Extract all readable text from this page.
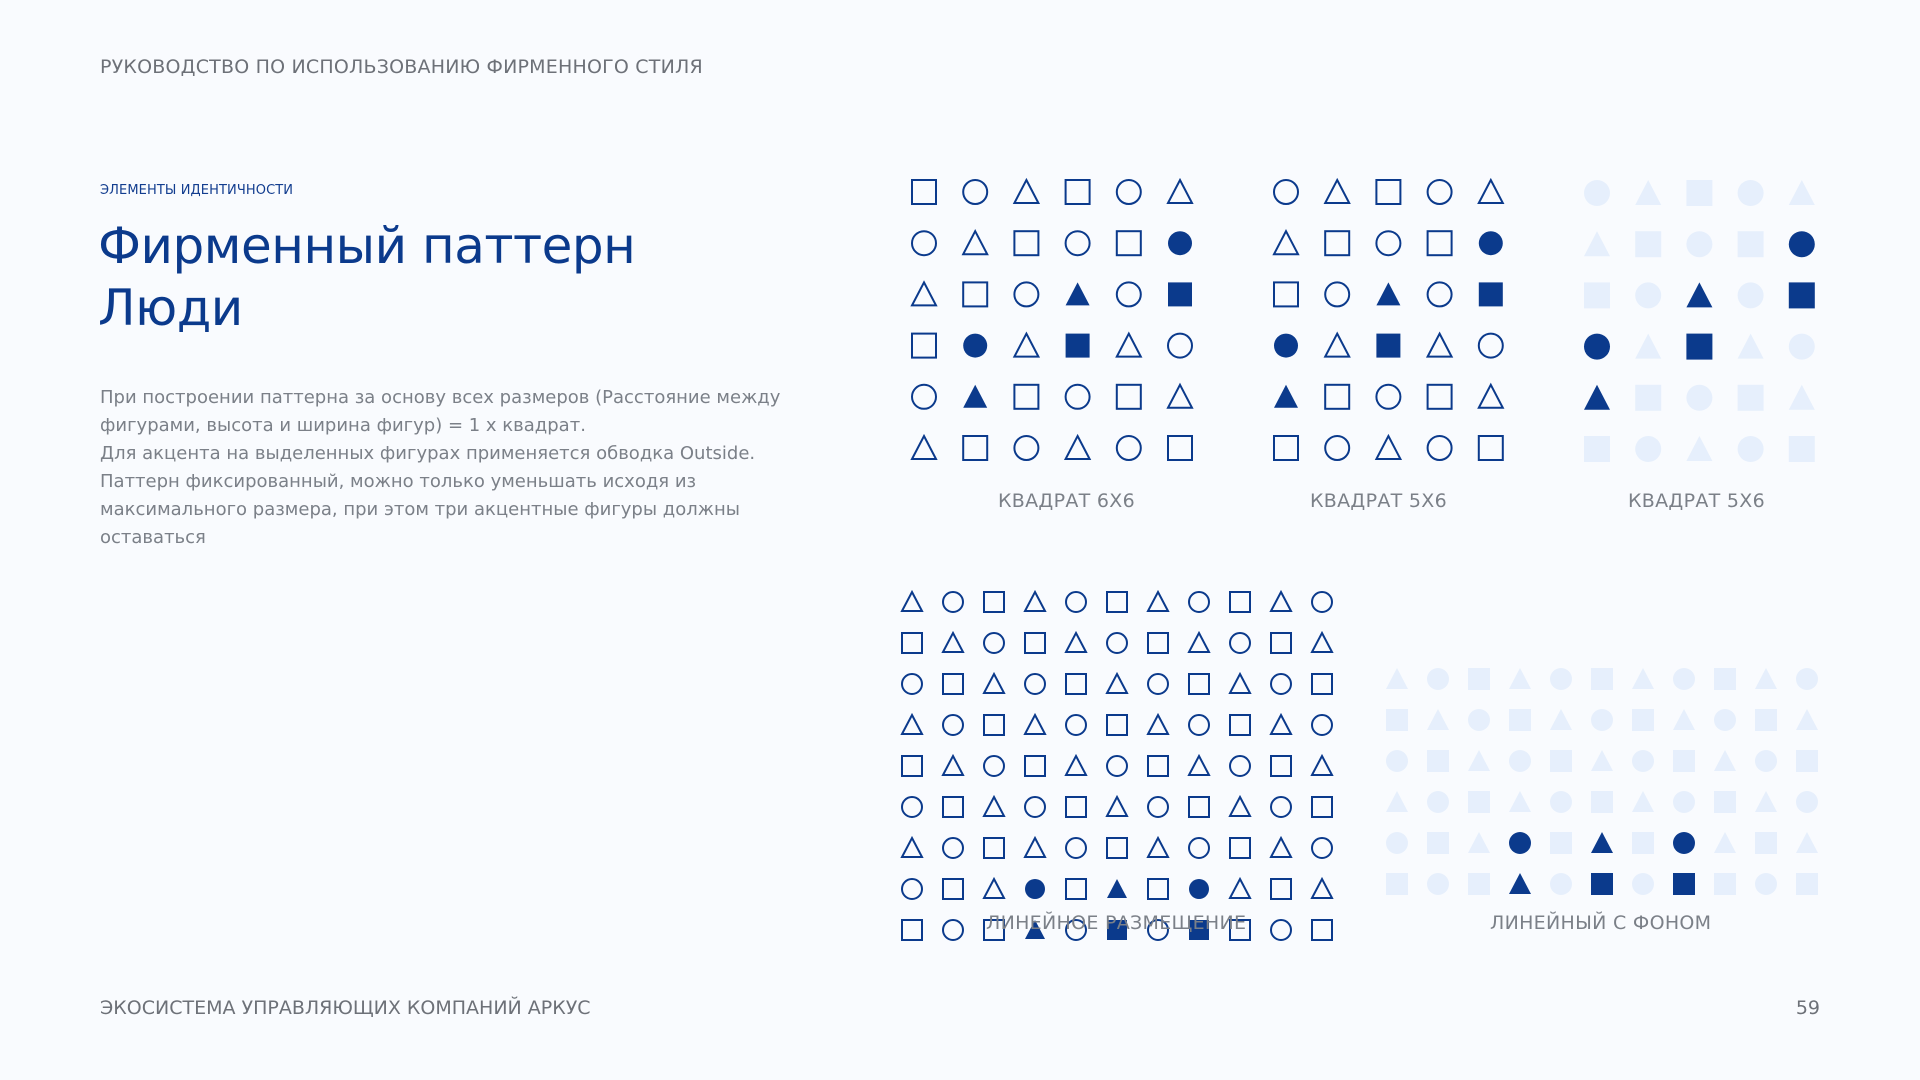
РУКОВОДСТВО ПО ИСПОЛЬЗОВАНИЮ ФИРМЕННОГО СТИЛЯ
ЭЛЕМЕНТЫ ИДЕНТИЧНОСТИ
Фирменный паттерн
Люди

При построении паттерна за основу всех размеров (Расстояние между фигурами, высота и ширина фигур) = 1 х квадрат.

Для акцента на выделенных фигурах применяется обводка Outside.

Паттерн фиксированный, можно только уменьшать исходя из максимального размера, при этом три акцентные фигуры должны оставаться

КВАДРАТ 6Х6	КВАДРАТ 5Х6	КВАДРАТ 5Х6
ЛИНЕЙНОЕ РАЗМЕЩЕНИЕ	ЛИНЕЙНЫЙ С ФОНОМ
ЭКОСИСТЕМА УПРАВЛЯЮЩИХ КОМПАНИЙ АРКУС	59
